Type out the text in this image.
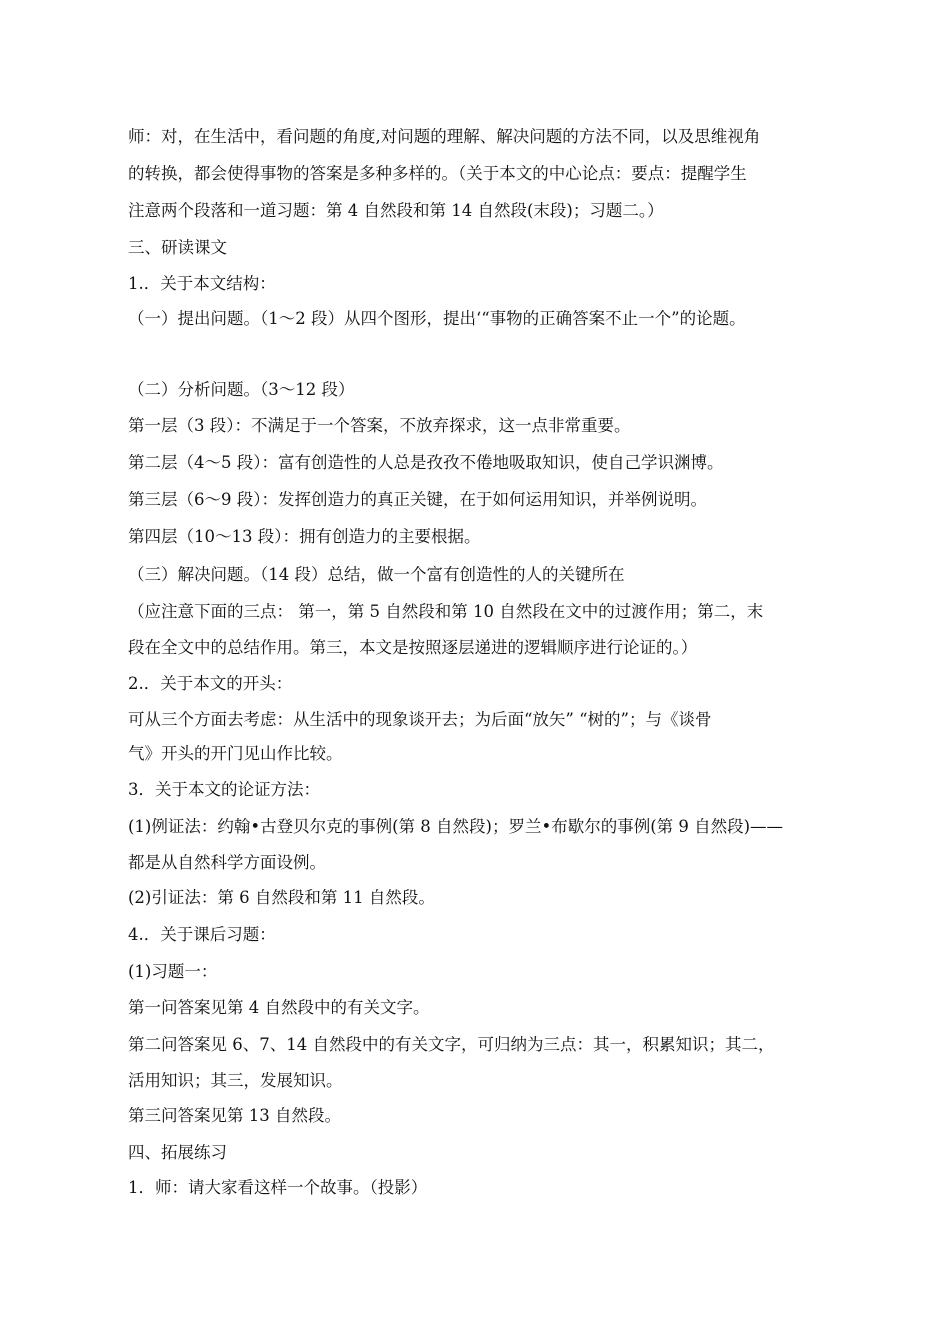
师：对，在生活中，看问题的角度,对问题的理解、解决问题的方法不同，以及思维视角
的转换，都会使得事物的答案是多种多样的。（关于本文的中心论点：要点：提醒学生
注意两个段落和一道习题：第 4 自然段和第 14 自然段(末段)；习题二。）
三、研读课文
1.．关于本文结构：
（一）提出问题。（1～2 段）从四个图形，提出‘“事物的正确答案不止一个”的论题。
（二）分析问题。（3～12 段）
第一层（3 段）：不满足于一个答案，不放弃探求，这一点非常重要。
第二层（4～5 段）：富有创造性的人总是孜孜不倦地吸取知识，使自己学识渊博。
第三层（6～9 段）：发挥创造力的真正关键，在于如何运用知识，并举例说明。
第四层（10～13 段）：拥有创造力的主要根据。
（三）解决问题。（14 段）总结，做一个富有创造性的人的关键所在
（应注意下面的三点： 第一，第 5 自然段和第 10 自然段在文中的过渡作用；第二，末
段在全文中的总结作用。第三，本文是按照逐层递进的逻辑顺序进行论证的。）
2.．关于本文的开头：
可从三个方面去考虑：从生活中的现象谈开去；为后面“放矢” “树的”；与《谈骨
气》开头的开门见山作比较。
3．关于本文的论证方法：
(1)例证法：约翰•古登贝尔克的事例(第 8 自然段)；罗兰•布歇尔的事例(第 9 自然段)——
都是从自然科学方面设例。
(2)引证法：第 6 自然段和第 11 自然段。
4.．关于课后习题：
(1)习题一：
第一问答案见第 4 自然段中的有关文字。
第二问答案见 6、7、14 自然段中的有关文字，可归纳为三点：其一，积累知识；其二，
活用知识；其三，发展知识。
第三问答案见第 13 自然段。
四、拓展练习
1．师：请大家看这样一个故事。（投影）
